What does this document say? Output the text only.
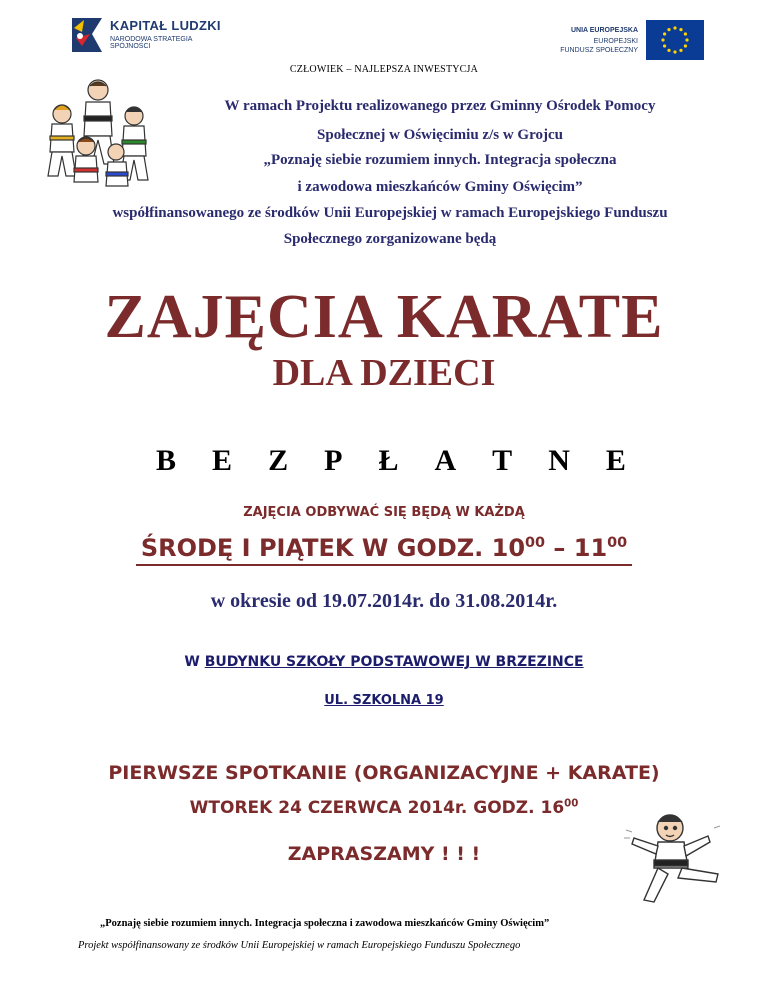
KAPITAŁ LUDZKI
NARODOWA STRATEGIA SPÓJNOŚCI
UNIA EUROPEJSKA
EUROPEJSKI
FUNDUSZ SPOŁECZNY
CZŁOWIEK – NAJLEPSZA INWESTYCJA
W ramach Projektu realizowanego przez Gminny Ośrodek Pomocy
Społecznej w Oświęcimiu z/s w Grojcu
„Poznaję siebie rozumiem innych. Integracja społeczna
i zawodowa mieszkańców Gminy Oświęcim”
współfinansowanego ze środków Unii Europejskiej w ramach Europejskiego Funduszu
Społecznego zorganizowane będą
ZAJĘCIA KARATE
DLA DZIECI
B E Z P Ł A T N E
ZAJĘCIA ODBYWAĆ SIĘ BĘDĄ W KAŻDĄ
ŚRODĘ I PIĄTEK W GODZ. $10^{00} - 11^{00}$
w okresie od 19.07.2014r. do 31.08.2014r.
W BUDYNKU SZKOŁY PODSTAWOWEJ W BRZEZINCE
UL. SZKOLNA 19
PIERWSZE SPOTKANIE (ORGANIZACYJNE + KARATE)
WTOREK 24 CZERWCA 2014r. GODZ. $16^{00}$
ZAPRASZAMY ! ! !
„Poznaję siebie rozumiem innych. Integracja społeczna i zawodowa mieszkańców Gminy Oświęcim”
Projekt współfinansowany ze środków Unii Europejskiej w ramach Europejskiego Funduszu Społecznego
